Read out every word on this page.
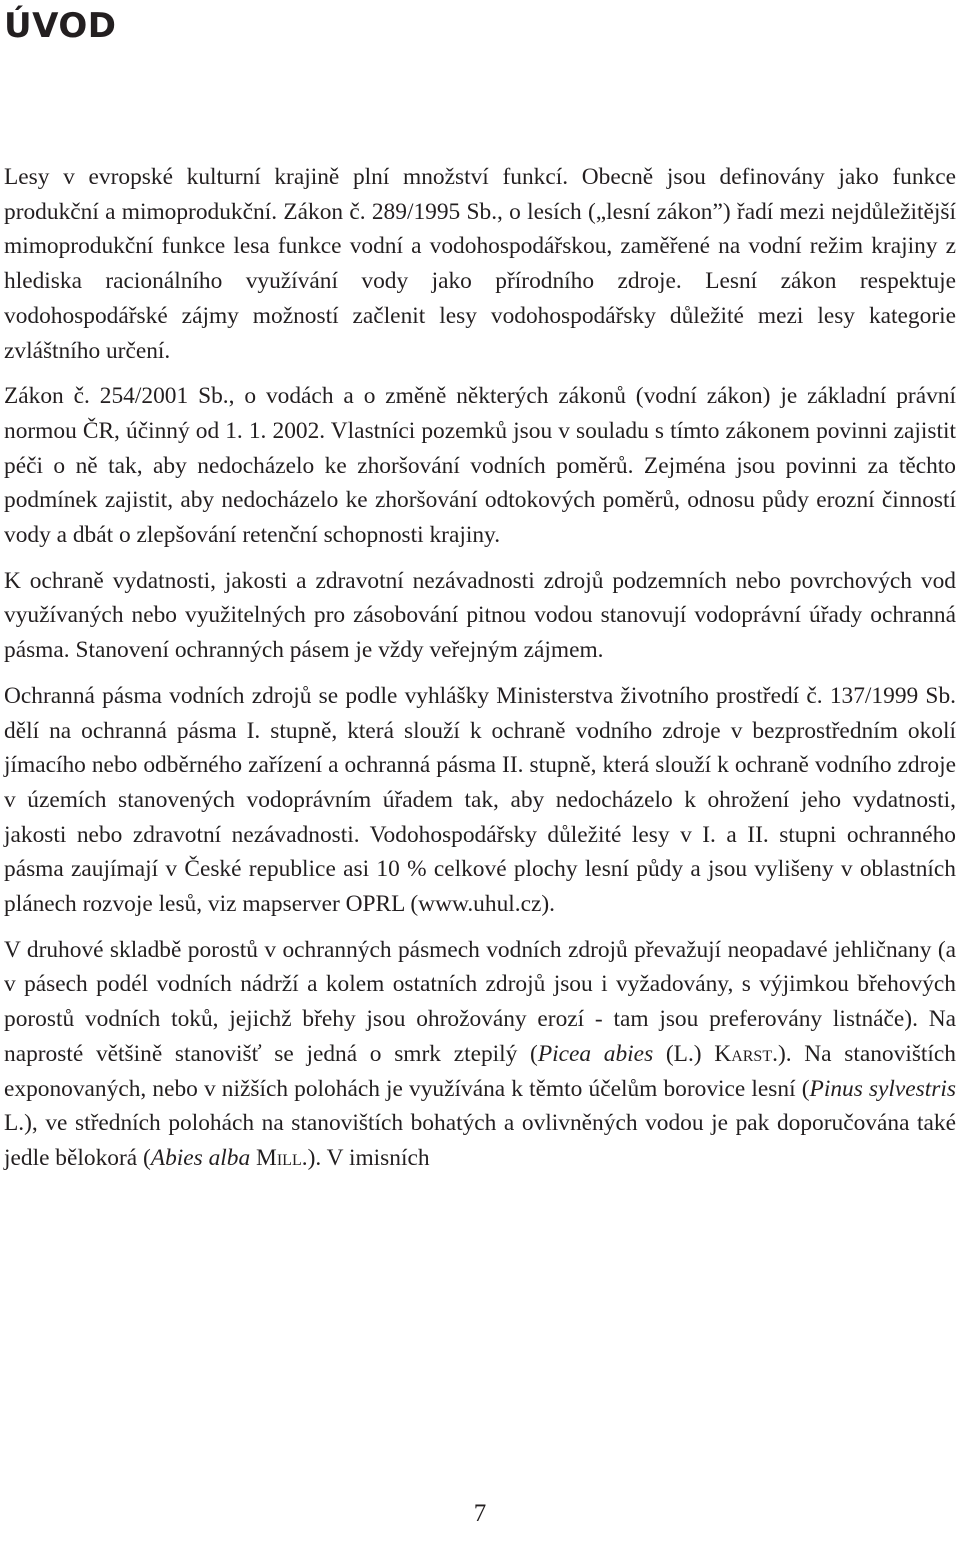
ÚVOD

Lesy v evropské kulturní krajině plní množství funkcí. Obecně jsou definovány jako funkce produkční a mimoprodukční. Zákon č. 289/1995 Sb., o lesích („lesní zákon”) řadí mezi nejdůležitější mimoprodukční funkce lesa funkce vodní a vodohospodářskou, zaměřené na vodní režim krajiny z hlediska racionálního využívání vody jako přírodního zdroje. Lesní zákon respektuje vodohospodářské zájmy možností začlenit lesy vodohospodářsky důležité mezi lesy kategorie zvláštního určení.

Zákon č. 254/2001 Sb., o vodách a o změně některých zákonů (vodní zákon) je základní právní normou ČR, účinný od 1. 1. 2002. Vlastníci pozemků jsou v souladu s tímto zákonem povinni zajistit péči o ně tak, aby nedocházelo ke zhoršování vodních poměrů. Zejména jsou povinni za těchto podmínek zajistit, aby nedocházelo ke zhoršování odtokových poměrů, odnosu půdy erozní činností vody a dbát o zlepšování retenční schopnosti krajiny.

K ochraně vydatnosti, jakosti a zdravotní nezávadnosti zdrojů podzemních nebo povrchových vod využívaných nebo využitelných pro zásobování pitnou vodou stanovují vodoprávní úřady ochranná pásma. Stanovení ochranných pásem je vždy veřejným zájmem.

Ochranná pásma vodních zdrojů se podle vyhlášky Ministerstva životního prostředí č. 137/1999 Sb. dělí na ochranná pásma I. stupně, která slouží k ochraně vodního zdroje v bezprostředním okolí jímacího nebo odběrného zařízení a ochranná pásma II. stupně, která slouží k ochraně vodního zdroje v územích stanovených vodoprávním úřadem tak, aby nedocházelo k ohrožení jeho vydatnosti, jakosti nebo zdravotní nezávadnosti. Vodohospodářsky důležité lesy v I. a II. stupni ochranného pásma zaujímají v České republice asi 10 % celkové plochy lesní půdy a jsou vylišeny v oblastních plánech rozvoje lesů, viz mapserver OPRL (www.uhul.cz).

V druhové skladbě porostů v ochranných pásmech vodních zdrojů převažují neopadavé jehličnany (a v pásech podél vodních nádrží a kolem ostatních zdrojů jsou i vyžadovány, s výjimkou břehových porostů vodních toků, jejichž břehy jsou ohrožovány erozí - tam jsou preferovány listnáče). Na naprosté většině stanovišť se jedná o smrk ztepilý (Picea abies (L.) Karst.). Na stanovištích exponovaných, nebo v nižších polohách je využívána k těmto účelům borovice lesní (Pinus sylvestris L.), ve středních polohách na stanovištích bohatých a ovlivněných vodou je pak doporučována také jedle bělokorá (Abies alba Mill.). V imisních

7
